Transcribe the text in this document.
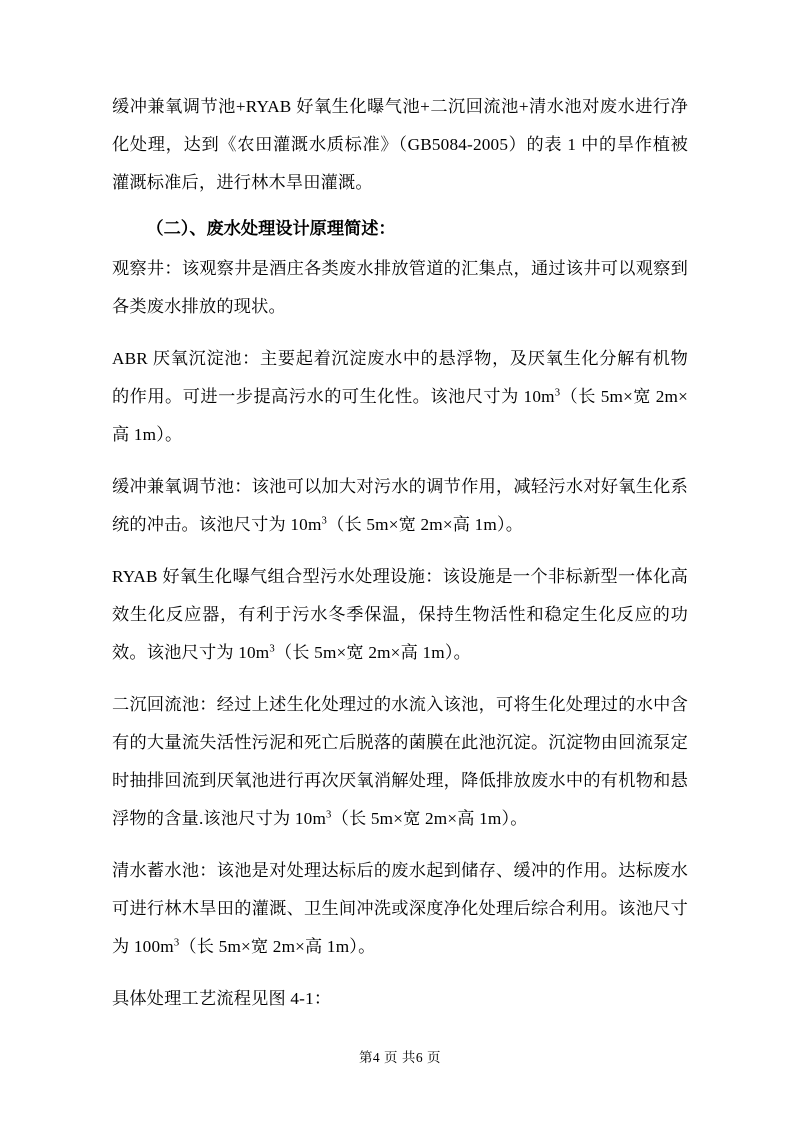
缓冲兼氧调节池+RYAB 好氧生化曝气池+二沉回流池+清水池对废水进行净化处理，达到《农田灌溉水质标准》（GB5084-2005）的表 1 中的旱作植被灌溉标准后，进行林木旱田灌溉。

（二）、废水处理设计原理简述：

观察井：该观察井是酒庄各类废水排放管道的汇集点，通过该井可以观察到各类废水排放的现状。

ABR 厌氧沉淀池：主要起着沉淀废水中的悬浮物，及厌氧生化分解有机物的作用。可进一步提高污水的可生化性。该池尺寸为 $10m^3$（长 5m×宽 2m×高 1m）。

缓冲兼氧调节池：该池可以加大对污水的调节作用，减轻污水对好氧生化系统的冲击。该池尺寸为 $10m^3$（长 5m×宽 2m×高 1m）。

RYAB 好氧生化曝气组合型污水处理设施：该设施是一个非标新型一体化高效生化反应器，有利于污水冬季保温，保持生物活性和稳定生化反应的功效。该池尺寸为 $10m^3$（长 5m×宽 2m×高 1m）。

二沉回流池：经过上述生化处理过的水流入该池，可将生化处理过的水中含有的大量流失活性污泥和死亡后脱落的菌膜在此池沉淀。沉淀物由回流泵定时抽排回流到厌氧池进行再次厌氧消解处理，降低排放废水中的有机物和悬浮物的含量.该池尺寸为 $10m^3$（长 5m×宽 2m×高 1m）。

清水蓄水池：该池是对处理达标后的废水起到储存、缓冲的作用。达标废水可进行林木旱田的灌溉、卫生间冲洗或深度净化处理后综合利用。该池尺寸为 $100m^3$（长 5m×宽 2m×高 1m）。

具体处理工艺流程见图 4-1：

第4 页 共6 页
